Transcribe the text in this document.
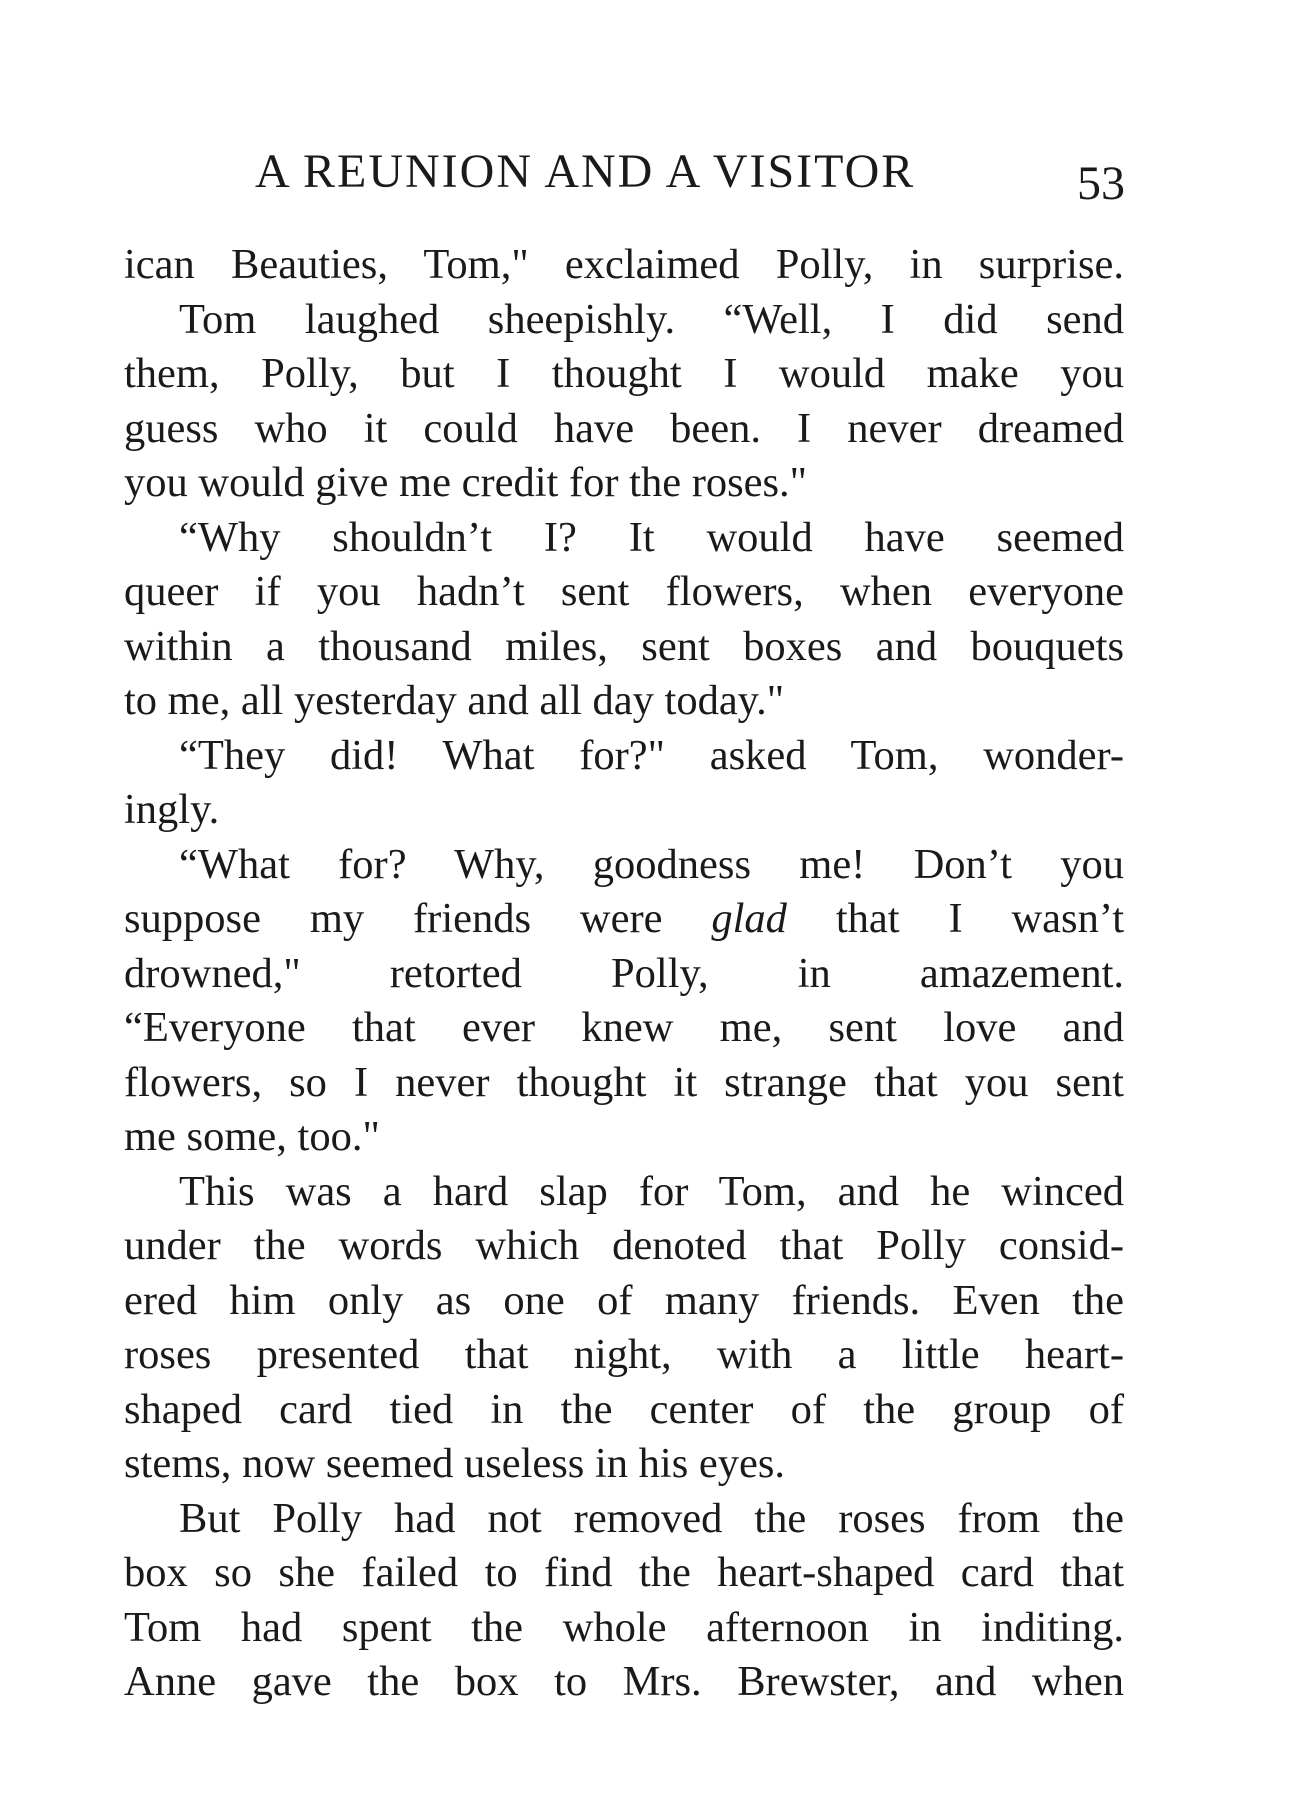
A REUNION AND A VISITOR	53
ican Beauties, Tom," exclaimed Polly, in surprise.
Tom laughed sheepishly. “Well, I did send
them, Polly, but I thought I would make you
guess who it could have been. I never dreamed
you would give me credit for the roses."
“Why shouldn’t I? It would have seemed
queer if you hadn’t sent flowers, when everyone
within a thousand miles, sent boxes and bouquets
to me, all yesterday and all day today."
“They did! What for?" asked Tom, wonder-
ingly.
“What for? Why, goodness me! Don’t you
suppose my friends were glad that I wasn’t
drowned," retorted Polly, in amazement.
“Everyone that ever knew me, sent love and
flowers, so I never thought it strange that you sent
me some, too."
This was a hard slap for Tom, and he winced
under the words which denoted that Polly consid-
ered him only as one of many friends. Even the
roses presented that night, with a little heart-
shaped card tied in the center of the group of
stems, now seemed useless in his eyes.
But Polly had not removed the roses from the
box so she failed to find the heart-shaped card that
Tom had spent the whole afternoon in inditing.
Anne gave the box to Mrs. Brewster, and when
